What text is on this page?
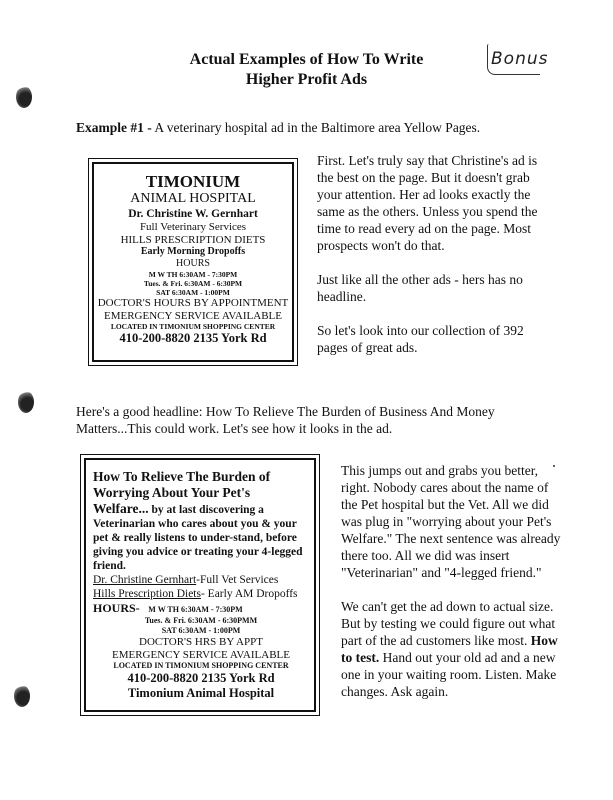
Actual Examples of How To Write
Higher Profit Ads
Bonus
Example #1 - A veterinary hospital ad in the Baltimore area Yellow Pages.
TIMONIUM
ANIMAL HOSPITAL
Dr. Christine W. Gernhart
Full Veterinary Services
HILLS PRESCRIPTION DIETS
Early Morning Dropoffs
HOURS
M W TH 6:30AM - 7:30PM
Tues. & Fri. 6:30AM - 6:30PM
SAT 6:30AM - 1:00PM
DOCTOR'S HOURS BY APPOINTMENT
EMERGENCY SERVICE AVAILABLE
LOCATED IN TIMONIUM SHOPPING CENTER
410-200-8820 2135 York Rd

First. Let's truly say that Christine's ad is the best on the page. But it doesn't grab your attention. Her ad looks exactly the same as the others. Unless you spend the time to read every ad on the page. Most prospects won't do that.

Just like all the other ads - hers has no headline.

So let's look into our collection of 392 pages of great ads.

Here's a good headline: How To Relieve The Burden of Business And Money Matters...This could work. Let's see how it looks in the ad.
How To Relieve The Burden of
Worrying About Your Pet's
Welfare... by at last discovering a
Veterinarian who cares about you & your pet & really listens to under-stand, before giving you advice or treating your 4-legged friend.
Dr. Christine Gernhart-Full Vet Services
Hills Prescription Diets- Early AM Dropoffs
HOURS- M W TH 6:30AM - 7:30PM
Tues. & Fri. 6:30AM - 6:30PMM
SAT 6:30AM - 1:00PM
DOCTOR'S HRS BY APPT
EMERGENCY SERVICE AVAILABLE
LOCATED IN TIMONIUM SHOPPING CENTER
410-200-8820 2135 York Rd
Timonium Animal Hospital

This jumps out and grabs you better, right. Nobody cares about the name of the Pet hospital but the Vet. All we did was plug in "worrying about your Pet's Welfare." The next sentence was already there too. All we did was insert "Veterinarian" and "4-legged friend."

We can't get the ad down to actual size. But by testing we could figure out what part of the ad customers like most. How to test. Hand out your old ad and a new one in your waiting room. Listen. Make changes. Ask again.
